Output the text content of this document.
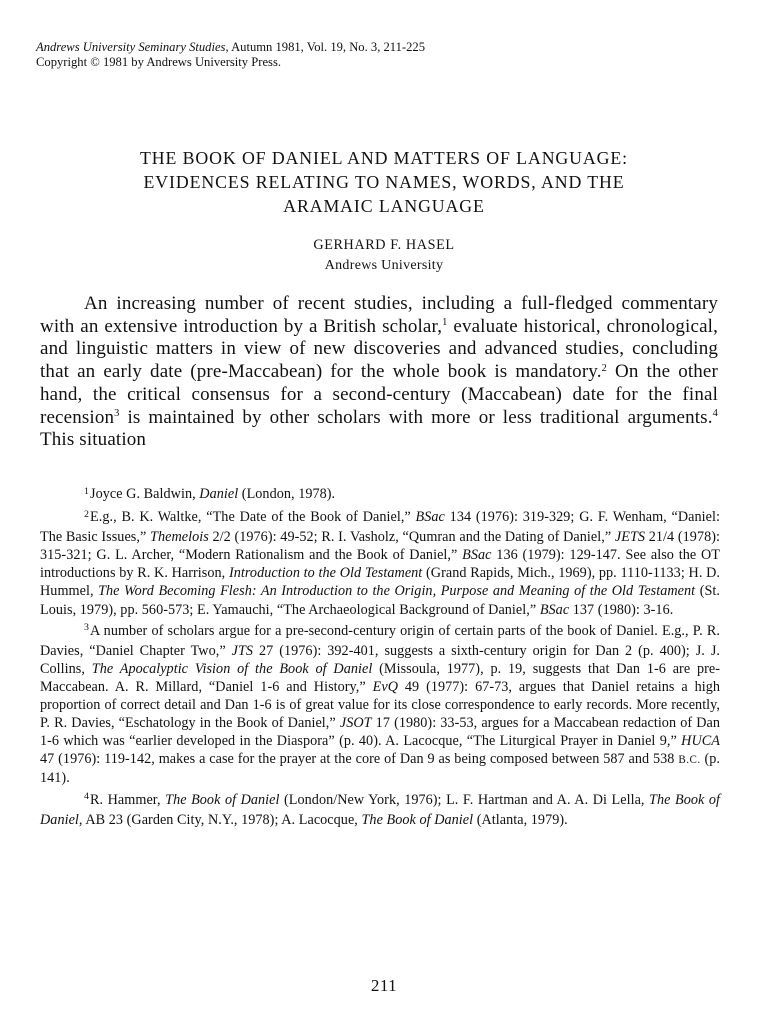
Andrews University Seminary Studies, Autumn 1981, Vol. 19, No. 3, 211-225
Copyright © 1981 by Andrews University Press.
THE BOOK OF DANIEL AND MATTERS OF LANGUAGE:
EVIDENCES RELATING TO NAMES, WORDS, AND THE
ARAMAIC LANGUAGE
GERHARD F. HASEL
Andrews University

An increasing number of recent studies, including a full-fledged commentary with an extensive introduction by a British scholar,$^1$ evaluate historical, chronological, and linguistic matters in view of new discoveries and advanced studies, concluding that an early date (pre-Maccabean) for the whole book is mandatory.$^2$ On the other hand, the critical consensus for a second-century (Maccabean) date for the final recension$^3$ is maintained by other scholars with more or less traditional arguments.$^4$ This situation

$^1$Joyce G. Baldwin, Daniel (London, 1978).

$^2$E.g., B. K. Waltke, “The Date of the Book of Daniel,” BSac 134 (1976): 319-329; G. F. Wenham, “Daniel: The Basic Issues,” Themelois 2/2 (1976): 49-52; R. I. Vasholz, “Qumran and the Dating of Daniel,” JETS 21/4 (1978): 315-321; G. L. Archer, “Modern Rationalism and the Book of Daniel,” BSac 136 (1979): 129-147. See also the OT introductions by R. K. Harrison, Introduction to the Old Testament (Grand Rapids, Mich., 1969), pp. 1110-1133; H. D. Hummel, The Word Becoming Flesh: An Introduction to the Origin, Purpose and Meaning of the Old Testament (St. Louis, 1979), pp. 560-573; E. Yamauchi, “The Archaeological Background of Daniel,” BSac 137 (1980): 3-16.

$^3$A number of scholars argue for a pre-second-century origin of certain parts of the book of Daniel. E.g., P. R. Davies, “Daniel Chapter Two,” JTS 27 (1976): 392-401, suggests a sixth-century origin for Dan 2 (p. 400); J. J. Collins, The Apocalyptic Vision of the Book of Daniel (Missoula, 1977), p. 19, suggests that Dan 1-6 are pre-Maccabean. A. R. Millard, “Daniel 1-6 and History,” EvQ 49 (1977): 67-73, argues that Daniel retains a high proportion of correct detail and Dan 1-6 is of great value for its close correspondence to early records. More recently, P. R. Davies, “Eschatology in the Book of Daniel,” JSOT 17 (1980): 33-53, argues for a Maccabean redaction of Dan 1-6 which was “earlier developed in the Diaspora” (p. 40). A. Lacocque, “The Liturgical Prayer in Daniel 9,” HUCA 47 (1976): 119-142, makes a case for the prayer at the core of Dan 9 as being composed between 587 and 538 B.C. (p. 141).

$^4$R. Hammer, The Book of Daniel (London/New York, 1976); L. F. Hartman and A. A. Di Lella, The Book of Daniel, AB 23 (Garden City, N.Y., 1978); A. Lacocque, The Book of Daniel (Atlanta, 1979).

211
